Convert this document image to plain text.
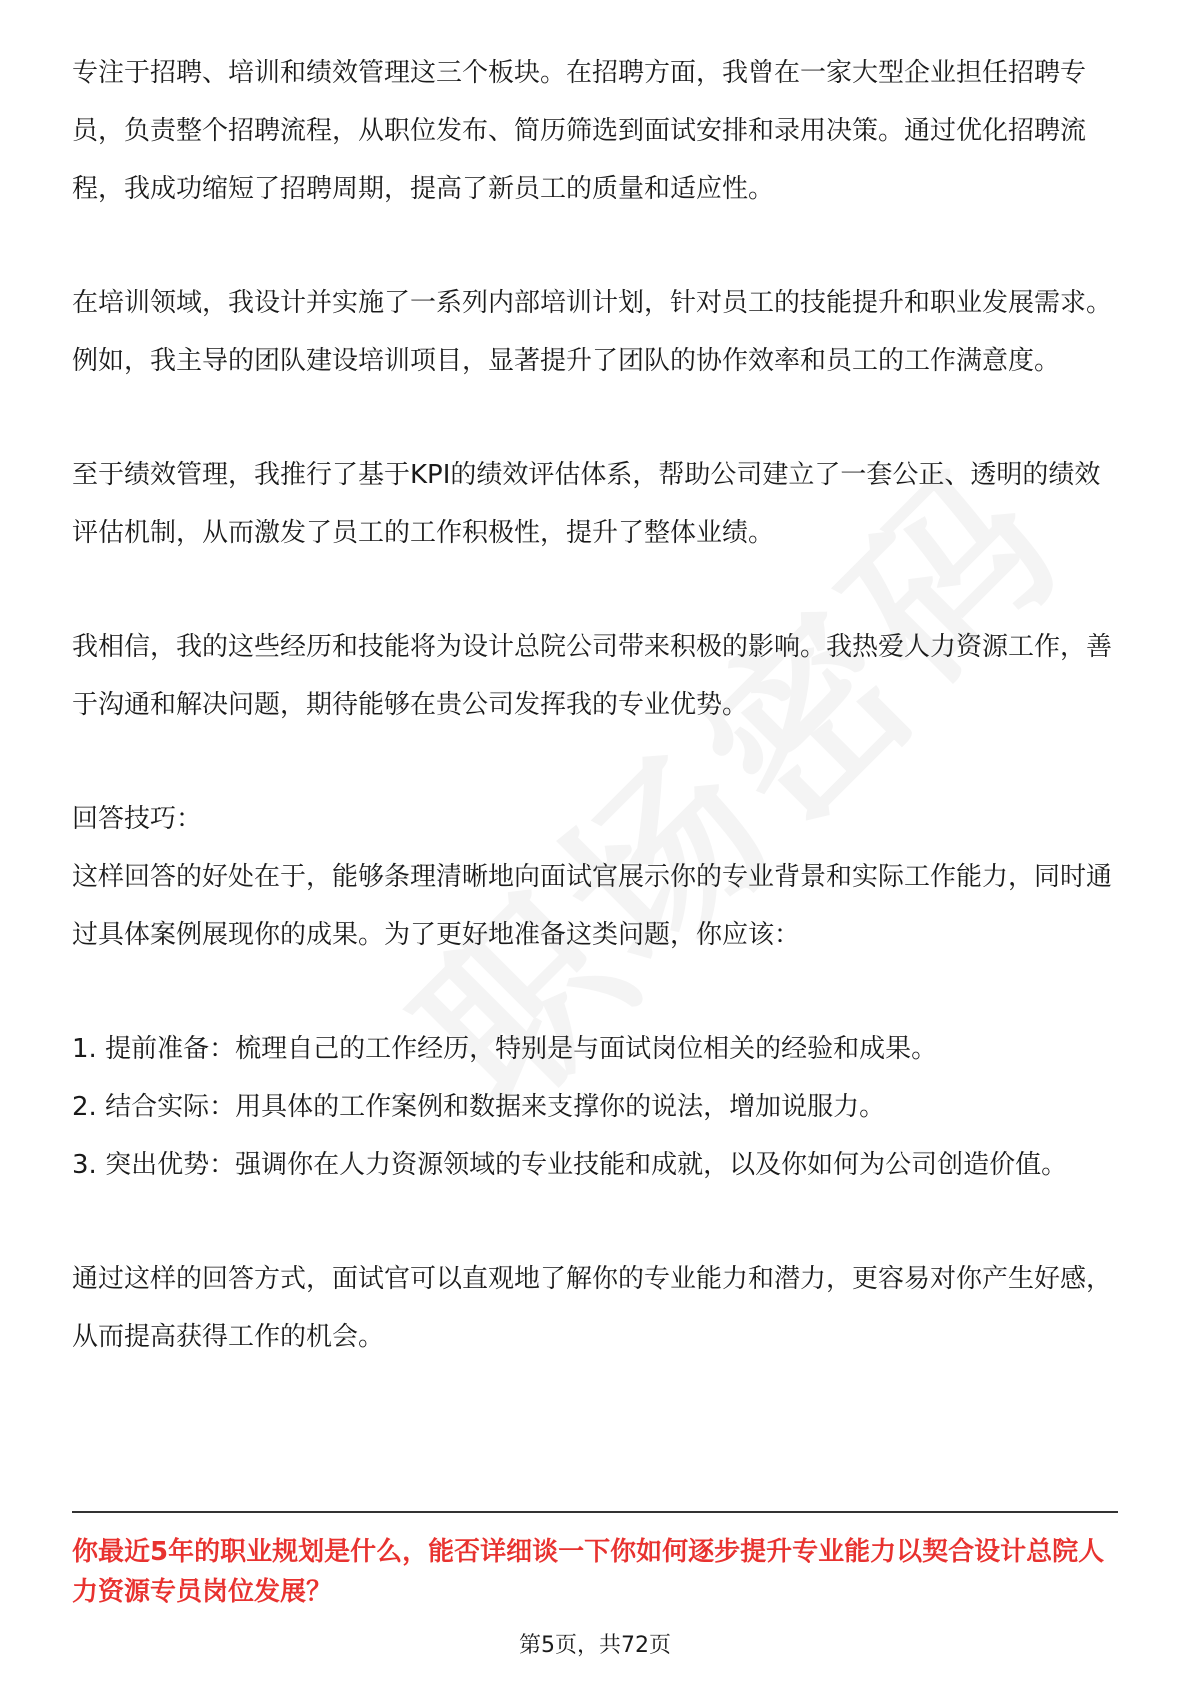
专注于招聘、培训和绩效管理这三个板块。在招聘方面，我曾在一家大型企业担任招聘专员，负责整个招聘流程，从职位发布、简历筛选到面试安排和录用决策。通过优化招聘流程，我成功缩短了招聘周期，提高了新员工的质量和适应性。

在培训领域，我设计并实施了一系列内部培训计划，针对员工的技能提升和职业发展需求。例如，我主导的团队建设培训项目，显著提升了团队的协作效率和员工的工作满意度。

至于绩效管理，我推行了基于KPI的绩效评估体系，帮助公司建立了一套公正、透明的绩效评估机制，从而激发了员工的工作积极性，提升了整体业绩。

我相信，我的这些经历和技能将为设计总院公司带来积极的影响。我热爱人力资源工作，善于沟通和解决问题，期待能够在贵公司发挥我的专业优势。

回答技巧：

这样回答的好处在于，能够条理清晰地向面试官展示你的专业背景和实际工作能力，同时通过具体案例展现你的成果。为了更好地准备这类问题，你应该：

1. 提前准备：梳理自己的工作经历，特别是与面试岗位相关的经验和成果。

2. 结合实际：用具体的工作案例和数据来支撑你的说法，增加说服力。

3. 突出优势：强调你在人力资源领域的专业技能和成就，以及你如何为公司创造价值。

通过这样的回答方式，面试官可以直观地了解你的专业能力和潜力，更容易对你产生好感，从而提高获得工作的机会。

你最近5年的职业规划是什么，能否详细谈一下你如何逐步提升专业能力以契合设计总院人力资源专员岗位发展？
第5页，共72页
